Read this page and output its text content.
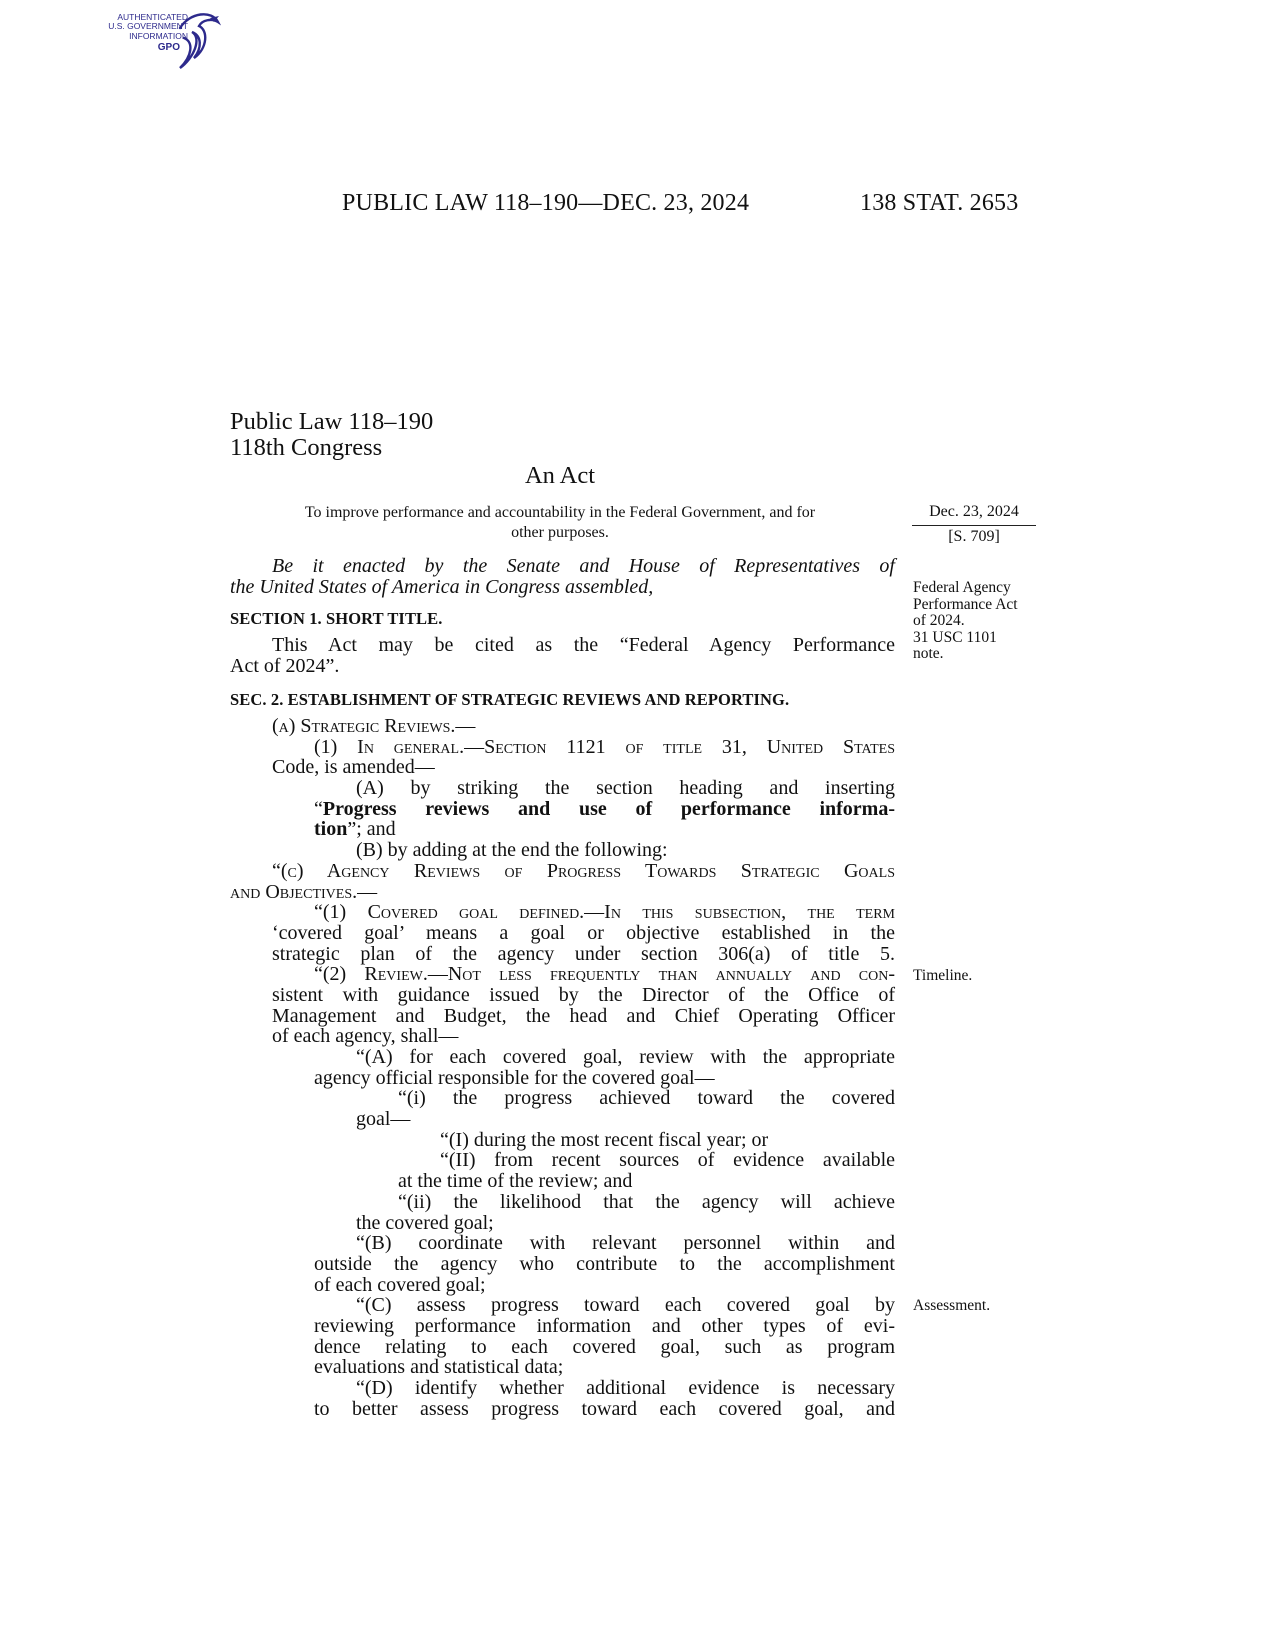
AUTHENTICATED
U.S. GOVERNMENT
INFORMATION
GPO
PUBLIC LAW 118–190—DEC. 23, 2024	138 STAT. 2653
Public Law 118–190
118th Congress
An Act
To improve performance and accountability in the Federal Government, and for
other purposes.
Dec. 23, 2024
[S. 709]
Federal Agency
Performance Act
of 2024.
31 USC 1101
note.
Timeline.
Assessment.
Be it enacted by the Senate and House of Representatives of
the United States of America in Congress assembled,
SECTION 1. SHORT TITLE.
This Act may be cited as the “Federal Agency Performance
Act of 2024”.
SEC. 2. ESTABLISHMENT OF STRATEGIC REVIEWS AND REPORTING.
(a) Strategic Reviews.—
(1) In general.—Section 1121 of title 31, United States
Code, is amended—
(A) by striking the section heading and inserting
“Progress reviews and use of performance informa-
tion”; and
(B) by adding at the end the following:
“(c) Agency Reviews of Progress Towards Strategic Goals
and Objectives.—
“(1) Covered goal defined.—In this subsection, the term
‘covered goal’ means a goal or objective established in the
strategic plan of the agency under section 306(a) of title 5.
“(2) Review.—Not less frequently than annually and con-
sistent with guidance issued by the Director of the Office of
Management and Budget, the head and Chief Operating Officer
of each agency, shall—
“(A) for each covered goal, review with the appropriate
agency official responsible for the covered goal—
“(i) the progress achieved toward the covered
goal—
“(I) during the most recent fiscal year; or
“(II) from recent sources of evidence available
at the time of the review; and
“(ii) the likelihood that the agency will achieve
the covered goal;
“(B) coordinate with relevant personnel within and
outside the agency who contribute to the accomplishment
of each covered goal;
“(C) assess progress toward each covered goal by
reviewing performance information and other types of evi-
dence relating to each covered goal, such as program
evaluations and statistical data;
“(D) identify whether additional evidence is necessary
to better assess progress toward each covered goal, and
